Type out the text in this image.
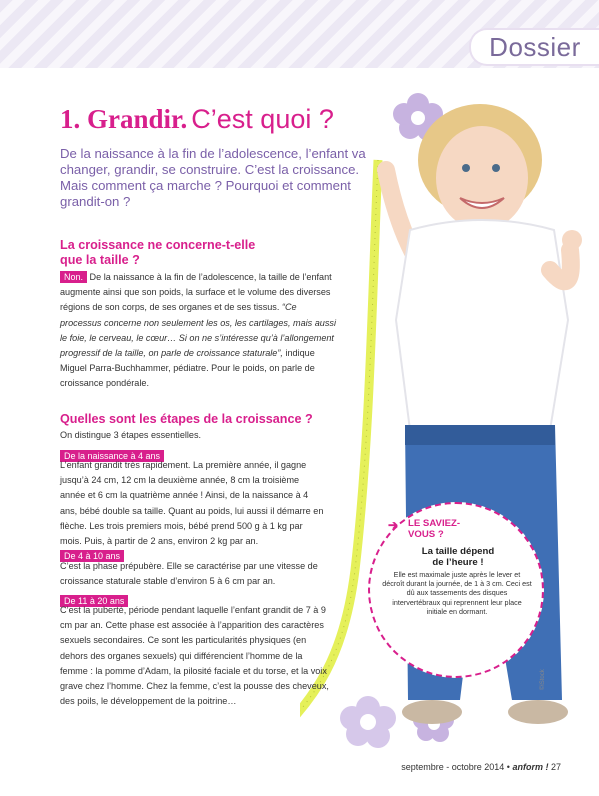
Dossier
1. Grandir. C’est quoi ?

De la naissance à la fin de l’adolescence, l’enfant va changer, grandir, se construire. C’est la croissance. Mais comment ça marche ? Pourquoi et comment grandit-on ?

La croissance ne concerne-t-elle
que la taille ?

Non. De la naissance à la fin de l’adolescence, la taille de l’enfant augmente ainsi que son poids, la surface et le volume des diverses régions de son corps, de ses organes et de ses tissus. “Ce processus concerne non seulement les os, les cartilages, mais aussi le foie, le cerveau, le cœur… Si on ne s’intéresse qu’à l’allongement progressif de la taille, on parle de croissance staturale”, indique Miguel Parra-Buchhammer, pédiatre. Pour le poids, on parle de croissance pondérale.

Quelles sont les étapes de la croissance ?

On distingue 3 étapes essentielles.

De la naissance à 4 ans

L’enfant grandit très rapidement. La première année, il gagne jusqu’à 24 cm, 12 cm la deuxième année, 8 cm la troisième année et 6 cm la quatrième année ! Ainsi, de la naissance à 4 ans, bébé double sa taille. Quant au poids, lui aussi il démarre en flèche. Les trois premiers mois, bébé prend 500 g à 1 kg par mois. Puis, à partir de 2 ans, environ 2 kg par an.

De 4 à 10 ans

C’est la phase prépubère. Elle se caractérise par une vitesse de croissance staturale stable d’environ 5 à 6 cm par an.

De 11 à 20 ans

C’est la puberté, période pendant laquelle l’enfant grandit de 7 à 9 cm par an. Cette phase est associée à l’apparition des caractères sexuels secondaires. Ce sont les particularités physiques (en dehors des organes sexuels) qui différencient l’homme de la femme : la pomme d’Adam, la pilosité faciale et du torse, et la voix grave chez l’homme. Chez la femme, c’est la pousse des cheveux, des poils, le développement de la poitrine…

➔ LE SAVIEZ-
VOUS ?
La taille dépend
de l’heure !
Elle est maximale juste après le lever et décroît durant la journée, de 1 à 3 cm. Ceci est dû aux tassements des disques intervertébraux qui reprennent leur place initiale en dormant.
©iStock
septembre - octobre 2014 • anform ! 27
